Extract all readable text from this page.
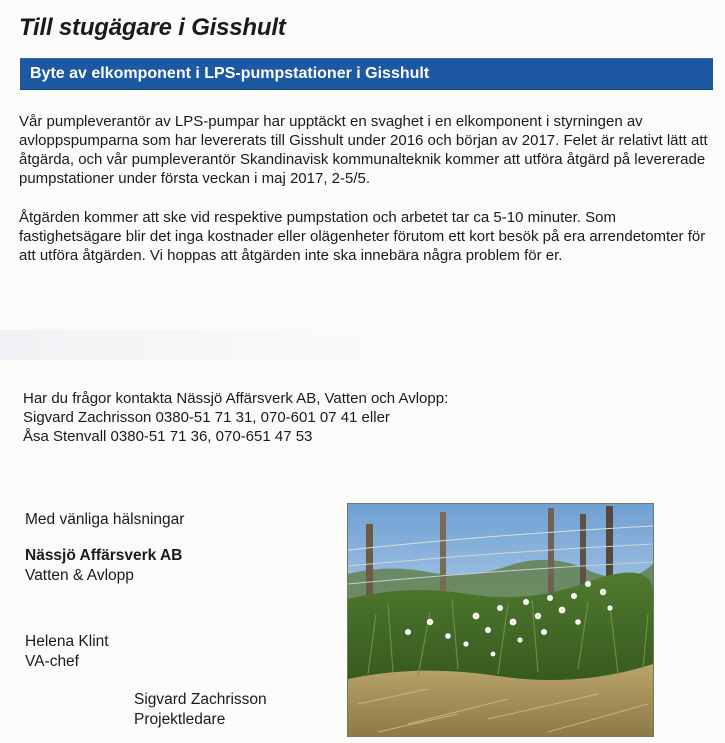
Till stugägare i Gisshult
Byte av elkomponent i LPS-pumpstationer i Gisshult

Vår pumpleverantör av LPS-pumpar har upptäckt en svaghet i en elkomponent i styrningen av avloppspumparna som har levererats till Gisshult under 2016 och början av 2017. Felet är relativt lätt att åtgärda, och vår pumpleverantör Skandinavisk kommunalteknik kommer att utföra åtgärd på levererade pumpstationer under första veckan i maj 2017, 2-5/5.

Åtgärden kommer att ske vid respektive pumpstation och arbetet tar ca 5-10 minuter. Som fastighetsägare blir det inga kostnader eller olägenheter förutom ett kort besök på era arrendetomter för att utföra åtgärden. Vi hoppas att åtgärden inte ska innebära några problem för er.

Har du frågor kontakta Nässjö Affärsverk AB, Vatten och Avlopp:
Sigvard Zachrisson 0380-51 71 31, 070-601 07 41 eller
Åsa Stenvall 0380-51 71 36, 070-651 47 53
Med vänliga hälsningar
Nässjö Affärsverk AB
Vatten & Avlopp
Helena Klint
VA-chef
Sigvard Zachrisson
Projektledare
